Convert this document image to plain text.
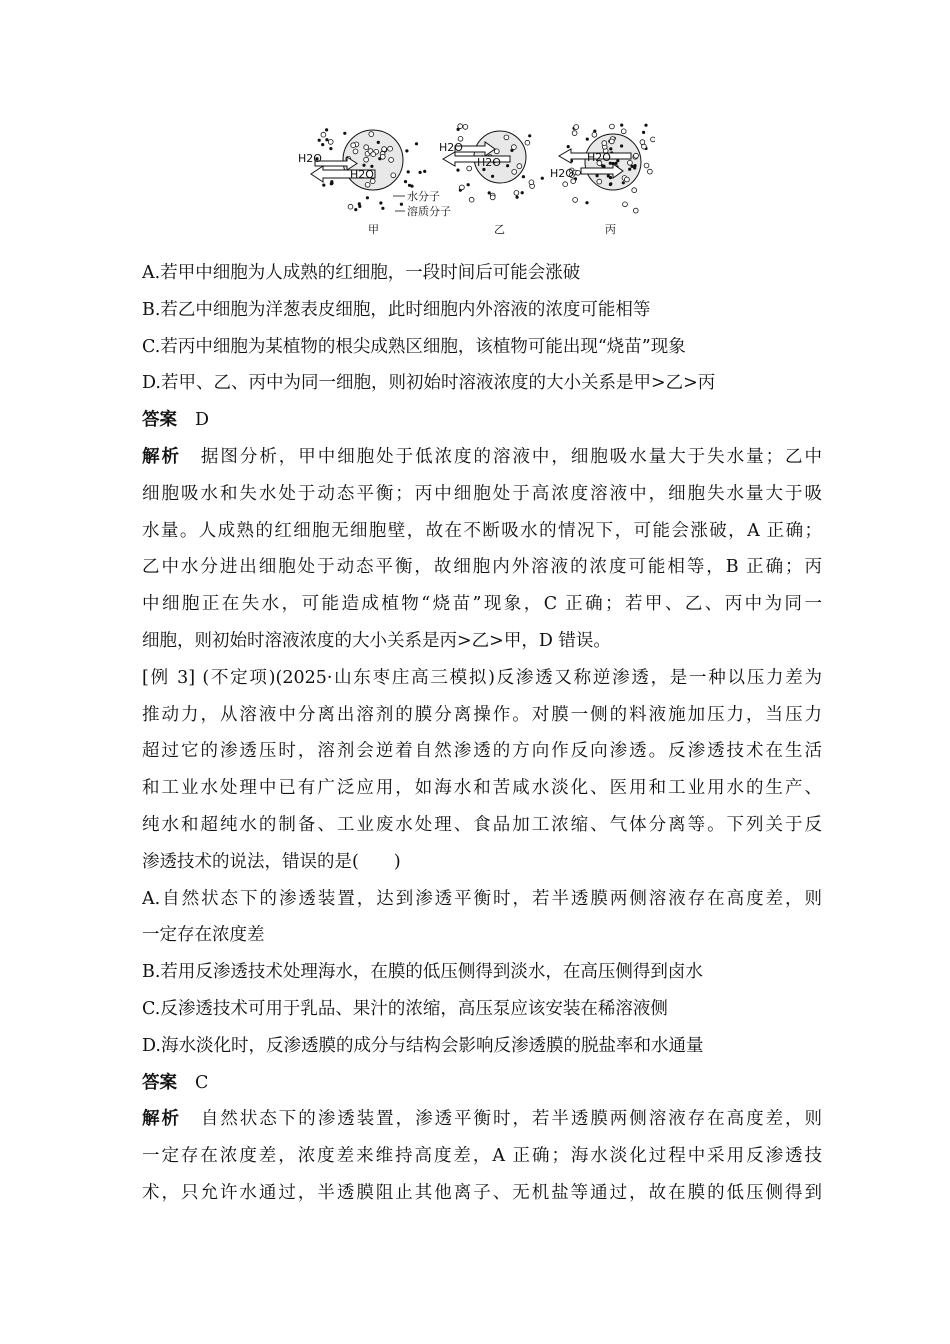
H2O
H2O
H2O
H2O	H2O
H2O
水分子
溶质分子
甲	乙	丙
A.若甲中细胞为人成熟的红细胞，一段时间后可能会涨破
B.若乙中细胞为洋葱表皮细胞，此时细胞内外溶液的浓度可能相等
C.若丙中细胞为某植物的根尖成熟区细胞，该植物可能出现“烧苗”现象
D.若甲、乙、丙中为同一细胞，则初始时溶液浓度的大小关系是甲>乙>丙
答案 D
解析 据图分析，甲中细胞处于低浓度的溶液中，细胞吸水量大于失水量；乙中
细胞吸水和失水处于动态平衡；丙中细胞处于高浓度溶液中，细胞失水量大于吸
水量。人成熟的红细胞无细胞壁，故在不断吸水的情况下，可能会涨破，A 正确；
乙中水分进出细胞处于动态平衡，故细胞内外溶液的浓度可能相等，B 正确；丙
中细胞正在失水，可能造成植物“烧苗”现象，C 正确；若甲、乙、丙中为同一
细胞，则初始时溶液浓度的大小关系是丙>乙>甲，D 错误。
[例 3] (不定项)(2025·山东枣庄高三模拟)反渗透又称逆渗透，是一种以压力差为
推动力，从溶液中分离出溶剂的膜分离操作。对膜一侧的料液施加压力，当压力
超过它的渗透压时，溶剂会逆着自然渗透的方向作反向渗透。反渗透技术在生活
和工业水处理中已有广泛应用，如海水和苦咸水淡化、医用和工业用水的生产、
纯水和超纯水的制备、工业废水处理、食品加工浓缩、气体分离等。下列关于反
渗透技术的说法，错误的是(　　)
A.自然状态下的渗透装置，达到渗透平衡时，若半透膜两侧溶液存在高度差，则
一定存在浓度差
B.若用反渗透技术处理海水，在膜的低压侧得到淡水，在高压侧得到卤水
C.反渗透技术可用于乳品、果汁的浓缩，高压泵应该安装在稀溶液侧
D.海水淡化时，反渗透膜的成分与结构会影响反渗透膜的脱盐率和水通量
答案 C
解析 自然状态下的渗透装置，渗透平衡时，若半透膜两侧溶液存在高度差，则
一定存在浓度差，浓度差来维持高度差，A 正确；海水淡化过程中采用反渗透技
术，只允许水通过，半透膜阻止其他离子、无机盐等通过，故在膜的低压侧得到
